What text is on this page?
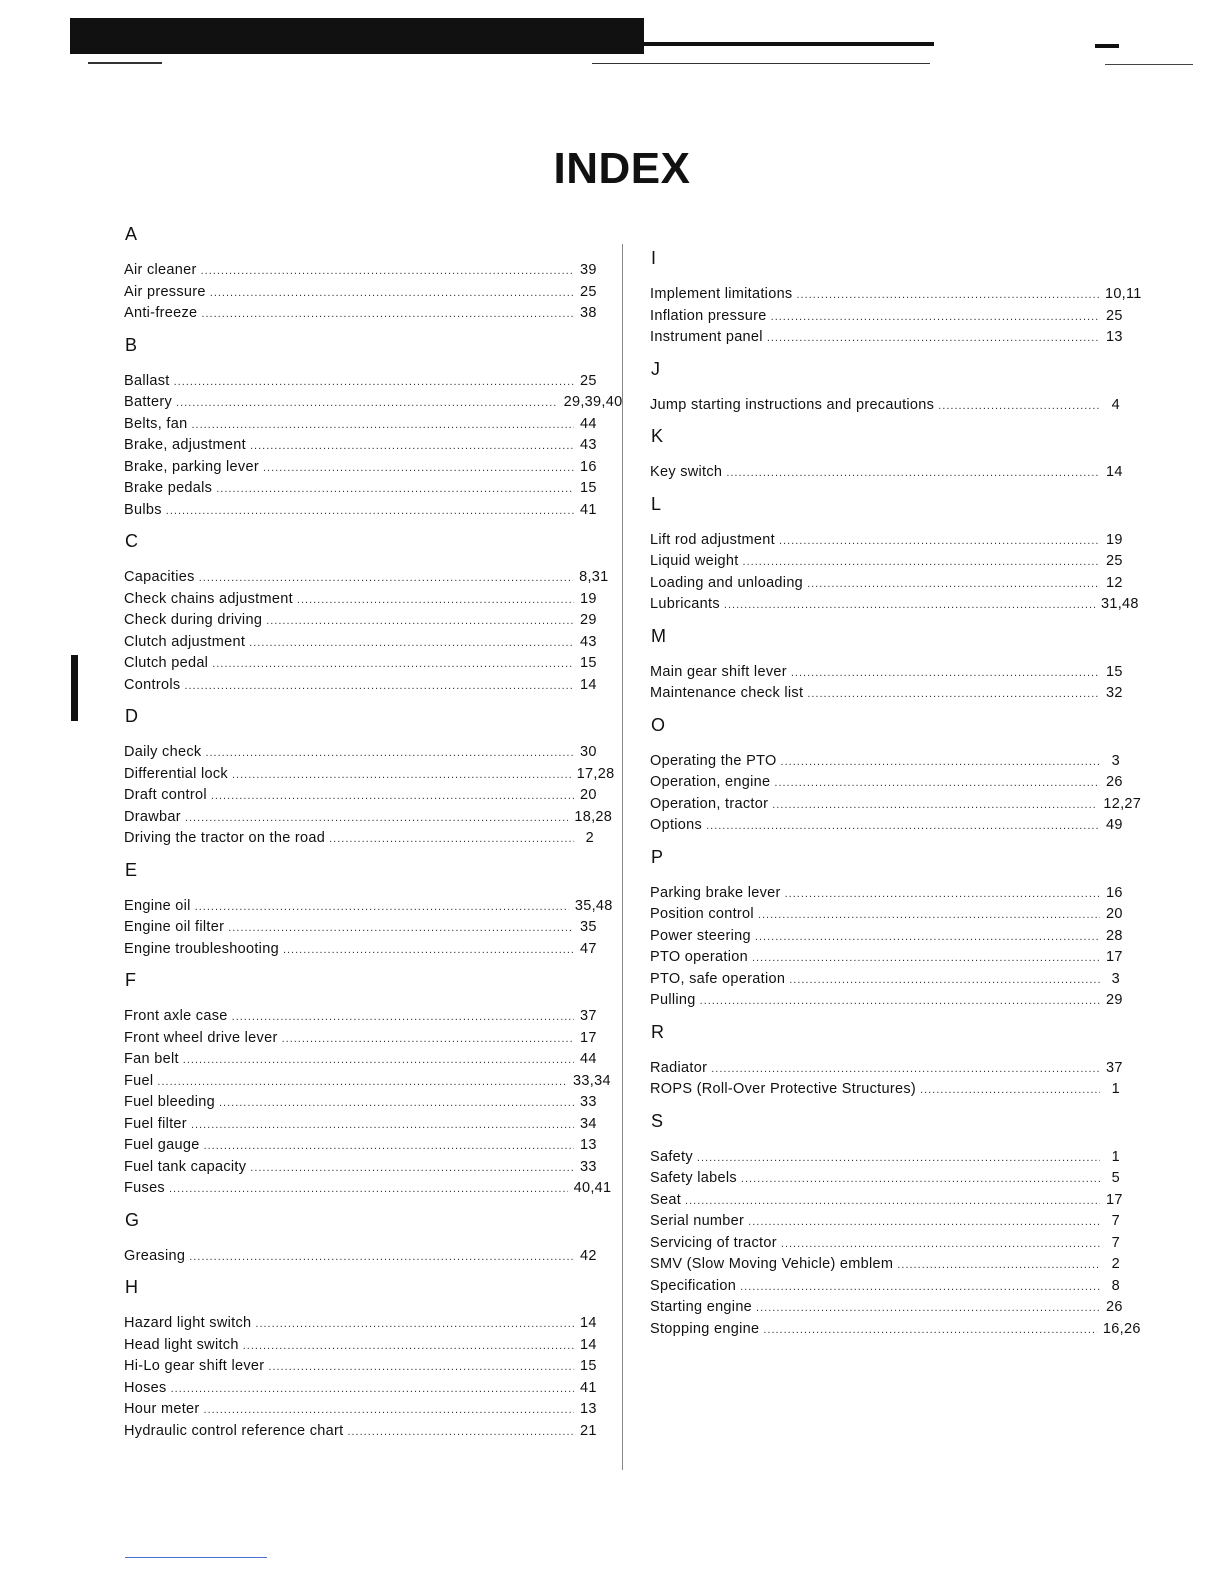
INDEX
A
Air cleaner .....	39
Air pressure .....	25
Anti-freeze .....	38
B
Ballast .....	25
Battery .....	29,39,40
Belts, fan .....	44
Brake, adjustment .....	43
Brake, parking lever .....	16
Brake pedals .....	15
Bulbs .....	41
C
Capacities .....	8,31
Check chains adjustment .....	19
Check during driving .....	29
Clutch adjustment .....	43
Clutch pedal .....	15
Controls .....	14
D
Daily check .....	30
Differential lock .....	17,28
Draft control .....	20
Drawbar .....	18,28
Driving the tractor on the road .....	2
E
Engine oil .....	35,48
Engine oil filter .....	35
Engine troubleshooting .....	47
F
Front axle case .....	37
Front wheel drive lever .....	17
Fan belt .....	44
Fuel .....	33,34
Fuel bleeding .....	33
Fuel filter .....	34
Fuel gauge .....	13
Fuel tank capacity .....	33
Fuses .....	40,41
G
Greasing .....	42
H
Hazard light switch .....	14
Head light switch .....	14
Hi-Lo gear shift lever .....	15
Hoses .....	41
Hour meter .....	13
Hydraulic control reference chart .....	21
I
Implement limitations .....	10,11
Inflation pressure .....	25
Instrument panel .....	13
J
Jump starting instructions and precautions .....	4
K
Key switch .....	14
L
Lift rod adjustment .....	19
Liquid weight .....	25
Loading and unloading .....	12
Lubricants .....	31,48
M
Main gear shift lever .....	15
Maintenance check list .....	32
O
Operating the PTO .....	3
Operation, engine .....	26
Operation, tractor .....	12,27
Options .....	49
P
Parking brake lever .....	16
Position control .....	20
Power steering .....	28
PTO operation .....	17
PTO, safe operation .....	3
Pulling .....	29
R
Radiator .....	37
ROPS (Roll-Over Protective Structures) .....	1
S
Safety .....	1
Safety labels .....	5
Seat .....	17
Serial number .....	7
Servicing of tractor .....	7
SMV (Slow Moving Vehicle) emblem .....	2
Specification .....	8
Starting engine .....	26
Stopping engine .....	16,26
